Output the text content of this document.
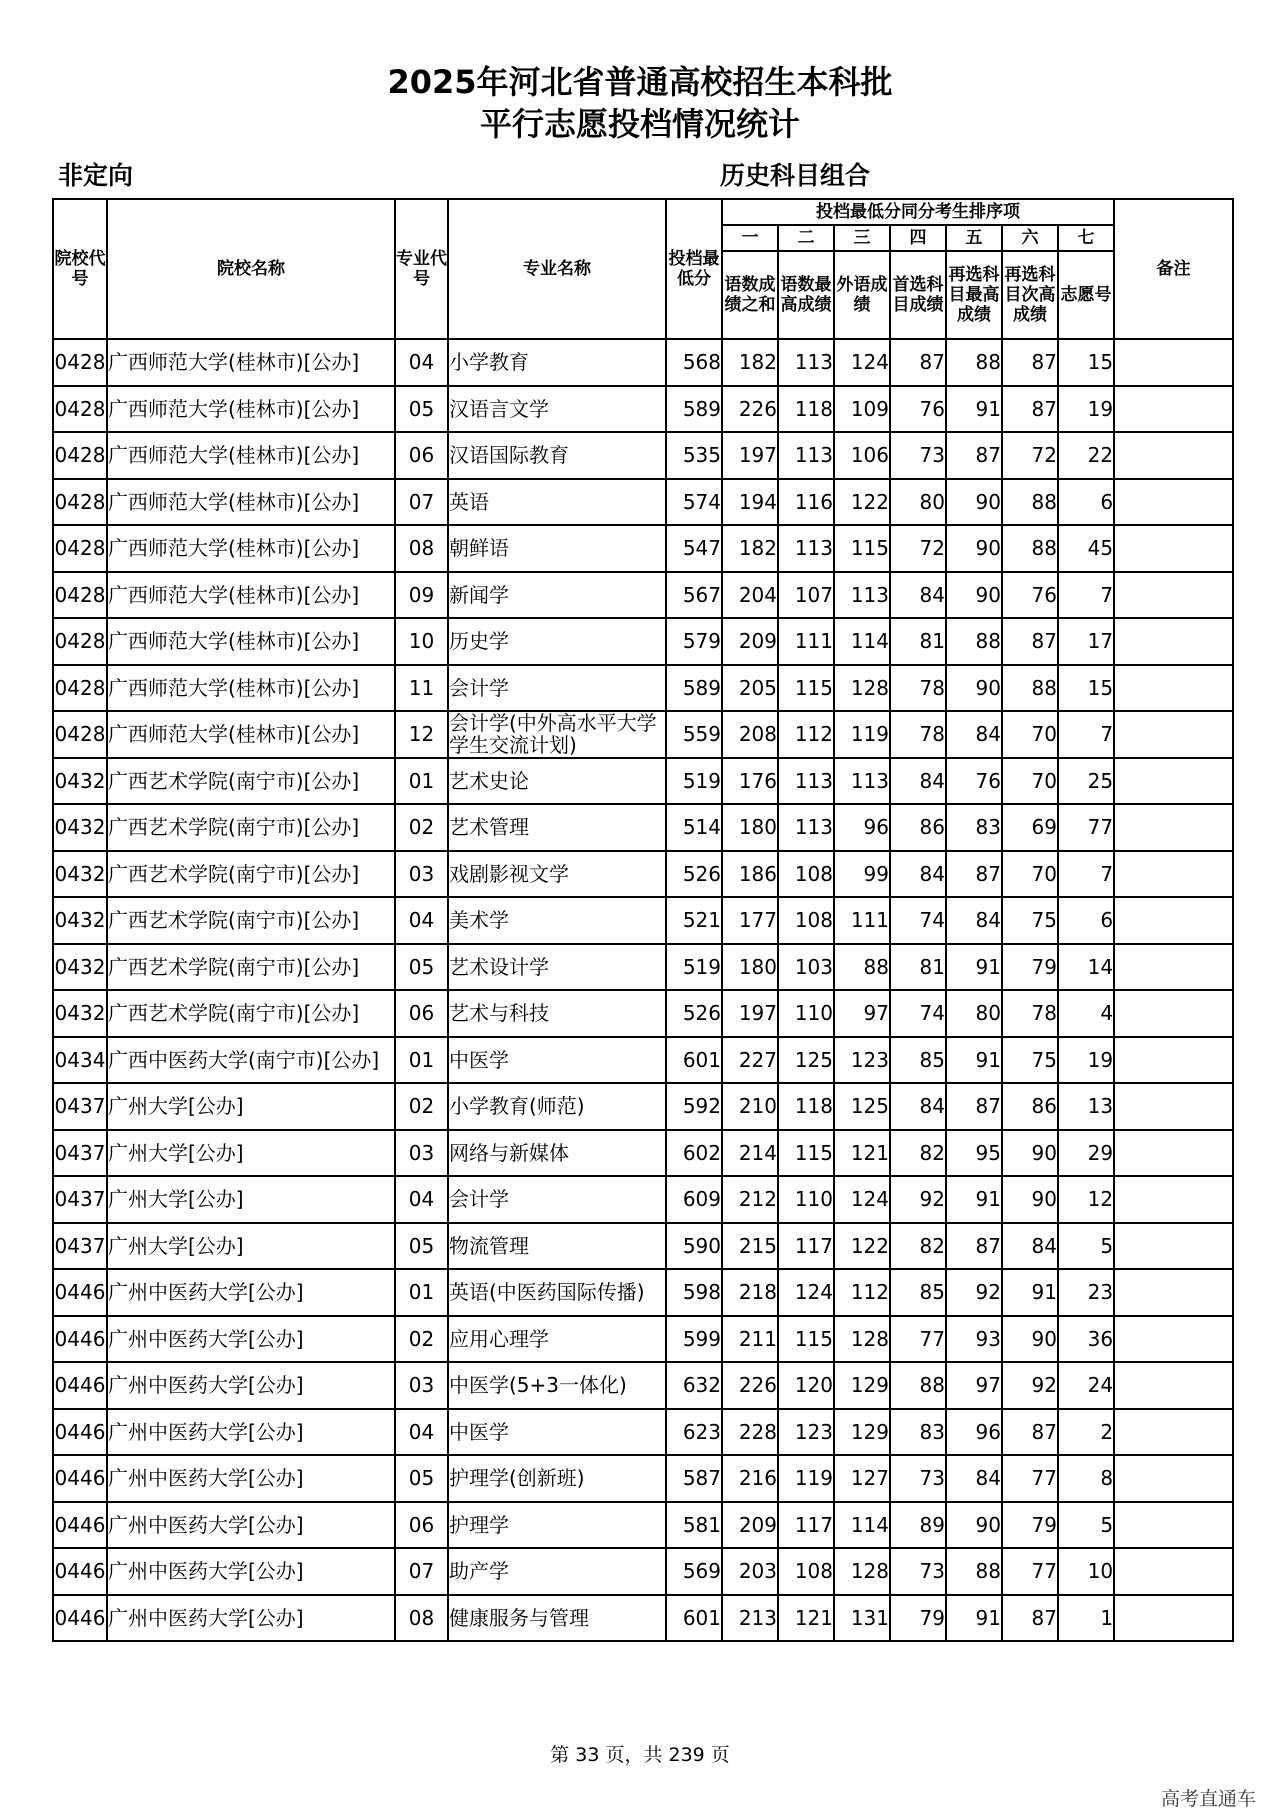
2025年河北省普通高校招生本科批
平行志愿投档情况统计
非定向	历史科目组合
院校代号	院校名称	专业代号	专业名称	投档最低分	投档最低分同分考生排序项							备注
					一	二	三	四	五	六	七	
					语数成绩之和	语数最高成绩	外语成绩	首选科目成绩	再选科目最高成绩	再选科目次高成绩	志愿号	
0428	广西师范大学(桂林市)[公办]	04	小学教育	568	182	113	124	87	88	87	15	
0428	广西师范大学(桂林市)[公办]	05	汉语言文学	589	226	118	109	76	91	87	19	
0428	广西师范大学(桂林市)[公办]	06	汉语国际教育	535	197	113	106	73	87	72	22	
0428	广西师范大学(桂林市)[公办]	07	英语	574	194	116	122	80	90	88	6	
0428	广西师范大学(桂林市)[公办]	08	朝鲜语	547	182	113	115	72	90	88	45	
0428	广西师范大学(桂林市)[公办]	09	新闻学	567	204	107	113	84	90	76	7	
0428	广西师范大学(桂林市)[公办]	10	历史学	579	209	111	114	81	88	87	17	
0428	广西师范大学(桂林市)[公办]	11	会计学	589	205	115	128	78	90	88	15	
0428	广西师范大学(桂林市)[公办]	12	会计学(中外高水平大学学生交流计划)	559	208	112	119	78	84	70	7	
0432	广西艺术学院(南宁市)[公办]	01	艺术史论	519	176	113	113	84	76	70	25	
0432	广西艺术学院(南宁市)[公办]	02	艺术管理	514	180	113	96	86	83	69	77	
0432	广西艺术学院(南宁市)[公办]	03	戏剧影视文学	526	186	108	99	84	87	70	7	
0432	广西艺术学院(南宁市)[公办]	04	美术学	521	177	108	111	74	84	75	6	
0432	广西艺术学院(南宁市)[公办]	05	艺术设计学	519	180	103	88	81	91	79	14	
0432	广西艺术学院(南宁市)[公办]	06	艺术与科技	526	197	110	97	74	80	78	4	
0434	广西中医药大学(南宁市)[公办]	01	中医学	601	227	125	123	85	91	75	19	
0437	广州大学[公办]	02	小学教育(师范)	592	210	118	125	84	87	86	13	
0437	广州大学[公办]	03	网络与新媒体	602	214	115	121	82	95	90	29	
0437	广州大学[公办]	04	会计学	609	212	110	124	92	91	90	12	
0437	广州大学[公办]	05	物流管理	590	215	117	122	82	87	84	5	
0446	广州中医药大学[公办]	01	英语(中医药国际传播)	598	218	124	112	85	92	91	23	
0446	广州中医药大学[公办]	02	应用心理学	599	211	115	128	77	93	90	36	
0446	广州中医药大学[公办]	03	中医学(5+3一体化)	632	226	120	129	88	97	92	24	
0446	广州中医药大学[公办]	04	中医学	623	228	123	129	83	96	87	2	
0446	广州中医药大学[公办]	05	护理学(创新班)	587	216	119	127	73	84	77	8	
0446	广州中医药大学[公办]	06	护理学	581	209	117	114	89	90	79	5	
0446	广州中医药大学[公办]	07	助产学	569	203	108	128	73	88	77	10	
0446	广州中医药大学[公办]	08	健康服务与管理	601	213	121	131	79	91	87	1	
第 33 页，共 239 页
高考直通车
